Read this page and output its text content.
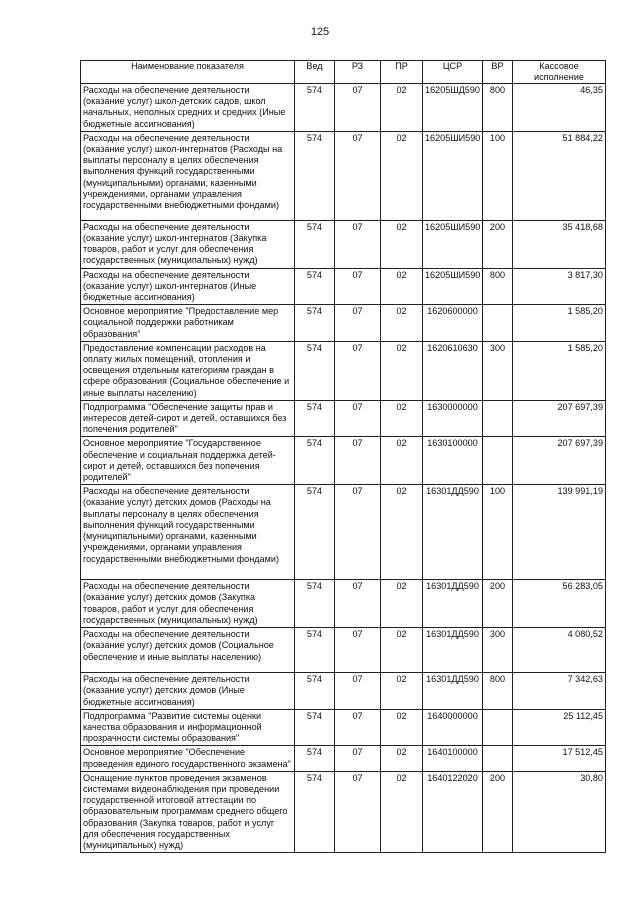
125
Наименование показателя	Вед	РЗ	ПР	ЦСР	ВР	Кассовое исполнение
Расходы на обеспечение деятельности (оказание услуг) школ-детских садов, школ начальных, неполных средних и средних (Иные бюджетные ассигнования)	574	07	02	16205ШД590	800	46,35
Расходы на обеспечение деятельности (оказание услуг) школ-интернатов (Расходы на выплаты персоналу в целях обеспечения выполнения функций государственными (муниципальными) органами, казенными учреждениями, органами управления государственными внебюджетными фондами)	574	07	02	16205ШИ590	100	51 884,22
Расходы на обеспечение деятельности (оказание услуг) школ-интернатов (Закупка товаров, работ и услуг для обеспечения государственных (муниципальных) нужд)	574	07	02	16205ШИ590	200	35 418,68
Расходы на обеспечение деятельности (оказание услуг) школ-интернатов (Иные бюджетные ассигнования)	574	07	02	16205ШИ590	800	3 817,30
Основное мероприятие "Предоставление мер социальной поддержки работникам образования"	574	07	02	1620600000		1 585,20
Предоставление компенсации расходов на оплату жилых помещений, отопления и освещения отдельным категориям граждан в сфере образования (Социальное обеспечение и иные выплаты населению)	574	07	02	1620610630	300	1 585,20
Подпрограмма "Обеспечение защиты прав и интересов детей-сирот и детей, оставшихся без попечения родителей"	574	07	02	1630000000		207 697,39
Основное мероприятие "Государственное обеспечение и социальная поддержка детей-сирот и детей, оставшихся без попечения родителей"	574	07	02	1630100000		207 697,39
Расходы на обеспечение деятельности (оказание услуг) детских домов (Расходы на выплаты персоналу в целях обеспечения выполнения функций государственными (муниципальными) органами, казенными учреждениями, органами управления государственными внебюджетными фондами)	574	07	02	16301ДД590	100	139 991,19
Расходы на обеспечение деятельности (оказание услуг) детских домов (Закупка товаров, работ и услуг для обеспечения государственных (муниципальных) нужд)	574	07	02	16301ДД590	200	56 283,05
Расходы на обеспечение деятельности (оказание услуг) детских домов (Социальное обеспечение и иные выплаты населению)	574	07	02	16301ДД590	300	4 080,52
Расходы на обеспечение деятельности (оказание услуг) детских домов (Иные бюджетные ассигнования)	574	07	02	16301ДД590	800	7 342,63
Подпрограмма "Развитие системы оценки качества образования и информационной прозрачности системы образования"	574	07	02	1640000000		25 112,45
Основное мероприятие "Обеспечение проведения единого государственного экзамена"	574	07	02	1640100000		17 512,45
Оснащение пунктов проведения экзаменов системами видеонаблюдения при проведении государственной итоговой аттестации по образовательным программам среднего общего образования (Закупка товаров, работ и услуг для обеспечения государственных (муниципальных) нужд)	574	07	02	1640122020	200	30,80
